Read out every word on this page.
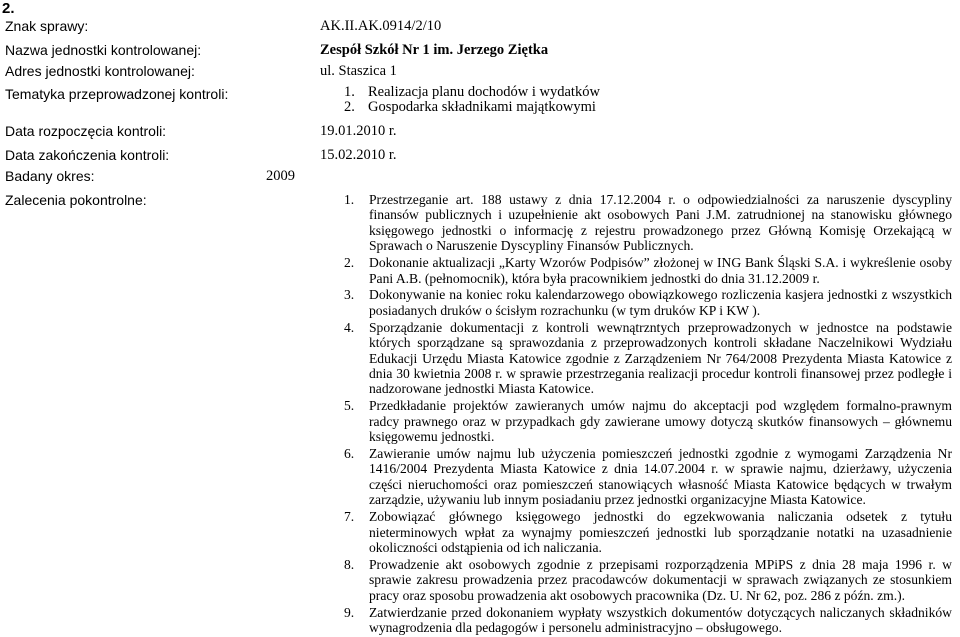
2.
Znak sprawy:	AK.II.AK.0914/2/10
Nazwa jednostki kontrolowanej:	Zespół Szkół Nr 1 im. Jerzego Ziętka
Adres jednostki kontrolowanej:	ul. Staszica 1
Tematyka przeprowadzonej kontroli:	1. Realizacja planu dochodów i wydatków
2. Gospodarka składnikami majątkowymi
Data rozpoczęcia kontroli:	19.01.2010 r.
Data zakończenia kontroli:	15.02.2010 r.
Badany okres:	2009
Zalecenia pokontrolne:	1. Przestrzeganie art. 188 ustawy z dnia 17.12.2004 r. o odpowiedzialności za naruszenie dyscypliny finansów publicznych i uzupełnienie akt osobowych Pani J.M. zatrudnionej na stanowisku głównego księgowego jednostki o informację z rejestru prowadzonego przez Główną Komisję Orzekającą w Sprawach o Naruszenie Dyscypliny Finansów Publicznych.
2. Dokonanie aktualizacji „Karty Wzorów Podpisów” złożonej w ING Bank Śląski S.A. i wykreślenie osoby Pani A.B. (pełnomocnik), która była pracownikiem jednostki do dnia 31.12.2009 r.
3. Dokonywanie na koniec roku kalendarzowego obowiązkowego rozliczenia kasjera jednostki z wszystkich posiadanych druków o ścisłym rozrachunku (w tym druków KP i KW ).
4. Sporządzanie dokumentacji z kontroli wewnątrzntych przeprowadzonych w jednostce na podstawie których sporządzane są sprawozdania z przeprowadzonych kontroli składane Naczelnikowi Wydziału Edukacji Urzędu Miasta Katowice zgodnie z Zarządzeniem Nr 764/2008 Prezydenta Miasta Katowice z dnia 30 kwietnia 2008 r. w sprawie przestrzegania realizacji procedur kontroli finansowej przez podległe i nadzorowane jednostki Miasta Katowice.
5. Przedkładanie projektów zawieranych umów najmu do akceptacji pod względem formalno-prawnym radcy prawnego oraz w przypadkach gdy zawierane umowy dotyczą skutków finansowych – głównemu księgowemu jednostki.
6. Zawieranie umów najmu lub użyczenia pomieszczeń jednostki zgodnie z wymogami Zarządzenia Nr 1416/2004 Prezydenta Miasta Katowice z dnia 14.07.2004 r. w sprawie najmu, dzierżawy, użyczenia części nieruchomości oraz pomieszczeń stanowiących własność Miasta Katowice będących w trwałym zarządzie, używaniu lub innym posiadaniu przez jednostki organizacyjne Miasta Katowice.
7. Zobowiązać głównego księgowego jednostki do egzekwowania naliczania odsetek z tytułu nieterminowych wpłat za wynajmy pomieszczeń jednostki lub sporządzanie notatki na uzasadnienie okoliczności odstąpienia od ich naliczania.
8. Prowadzenie akt osobowych zgodnie z przepisami rozporządzenia MPiPS z dnia 28 maja 1996 r. w sprawie zakresu prowadzenia przez pracodawców dokumentacji w sprawach związanych ze stosunkiem pracy oraz sposobu prowadzenia akt osobowych pracownika (Dz. U. Nr 62, poz. 286 z późn. zm.).
9. Zatwierdzanie przed dokonaniem wypłaty wszystkich dokumentów dotyczących naliczanych składników wynagrodzenia dla pedagogów i personelu administracyjno – obsługowego.
